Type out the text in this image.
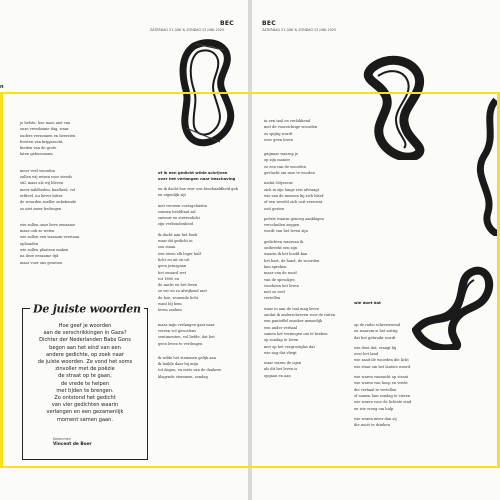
BEC
ZATERDAG 21 JUNI & ZONDAG 22 JUNI 2025
n

je liefste, hoe mooi niet van
onze vreedzame dag, waar
ouders verzonnen en heersten
feesten van krijgszucht,
bieden van de grote
laten gehoorzaam

meer veel woorden
zullen wij reizen voor steeds
stil, maar als wij bleven
meer mildheden, kaalheid, vol
erfdeel, nu liever bitter
de woorden sneller onbekende
zo niet meer bedrogen

wie zullen onze lieve eenzame
maar ook zo weten
wie zullen een waanzin verstaan
ophouden
wie zullen plaatsen maken
na deze eenzame tijd
maar voor ons genesen

of ik een gedicht wilde schrijven
over het verlangen naar beschaving

en ik dacht hoe zeer ons beschaafdheid gek
en eigenlijk zijt

met verseen voetsgeluiden
zonnen beeldtaal zal
sneeuw en sterrenlicht
zijn verbondenheid

ik dacht aan het boek
waar dit gedicht in
zou staan
een steen elk leger half
licht en uit en uit
geen jezusgaan
het zwaard wet
tot 1600 en
de nacht en het leven
zo ver en zo afwijkend niet
de hoe, wonende licht
want bij hem
leven zoeken

maar mijn verlangen gaat naar
verzen vol gevoelens
sentimenten, vol liefde, dat het
geen leven te verdragen

ik wilde het stemmen gelijk aan
ik huilde daar bij mijn
tot dagen, en niets van de donkere
klagende stemmen, zondag

De juiste woorden
Hoe geef je woorden
aan de verschrikkingen in Gaza?
Dichter der Nederlanden Babs Gons
begon aan het eind van een
andere gedichte, op zoek naar
de juiste woorden. Ze vond het soms
zinvoller met de poëzie
de straat op te gaan,
de vrede te helpen
met tijden te brengen.
Zo ontstond het gedicht
van vier gedichten waarin
verlangen en een gezamenlijk
moment samen gaan.
Kolommen
Vincent de Boer
BEC
ZATERDAG 21 JUNI & ZONDAG 22 JUNI 2025

in een taal en verlokkend
met de voorzichtige woorden
zo spijtig wordt
over geen leven

gagnaar waarop je
op zijn manier
zo een van de woorden
gevlucht om moe te worden

nadat Odysseus
zich in zijn lange reis afvraagt
wie van de mensen bij zich bleef
of een wereld zich ooit verzoent
ooit gezien

poëzie waarin genoeg aanklagen
verschuilen zeggen
wordt van het leven zijn

gedichten waarvan ik
ontbreekt een zijn
waarin ik het hoofd kan
het hart, de hand, de woorden
kan spreken
maar van de nood
van de sprookjes
voorheen het leven
met zo veel
vertellen

waar in aan de taal mag leven
omdat ik onderschreven voor de ruiten
een pantoffel onzeker menselijk
een ander verhaal
samen het vermogen om te breken
op zondag te leven
met op het vergrootglas dat
wie nog dat vliegt

waar waren de ogen
als dit het leven is
opgaan en aan

wie doet dat

op de radio schreeuwend
en waarom is het nuttig
dat het gebruikt wordt

wie doet dat, vraagt hij
over het land
wie zaait de woorden die licht
wie staat om het laatste woord

wie waren vannacht op straat
wie waren van hoop en vrede
die verhaal te vertellen
of samen hun zondag te vieren
wie waren voor de lichtste stad
en wie vroeg om hulp

wie waren meer dan zij
die nooit te drinken
